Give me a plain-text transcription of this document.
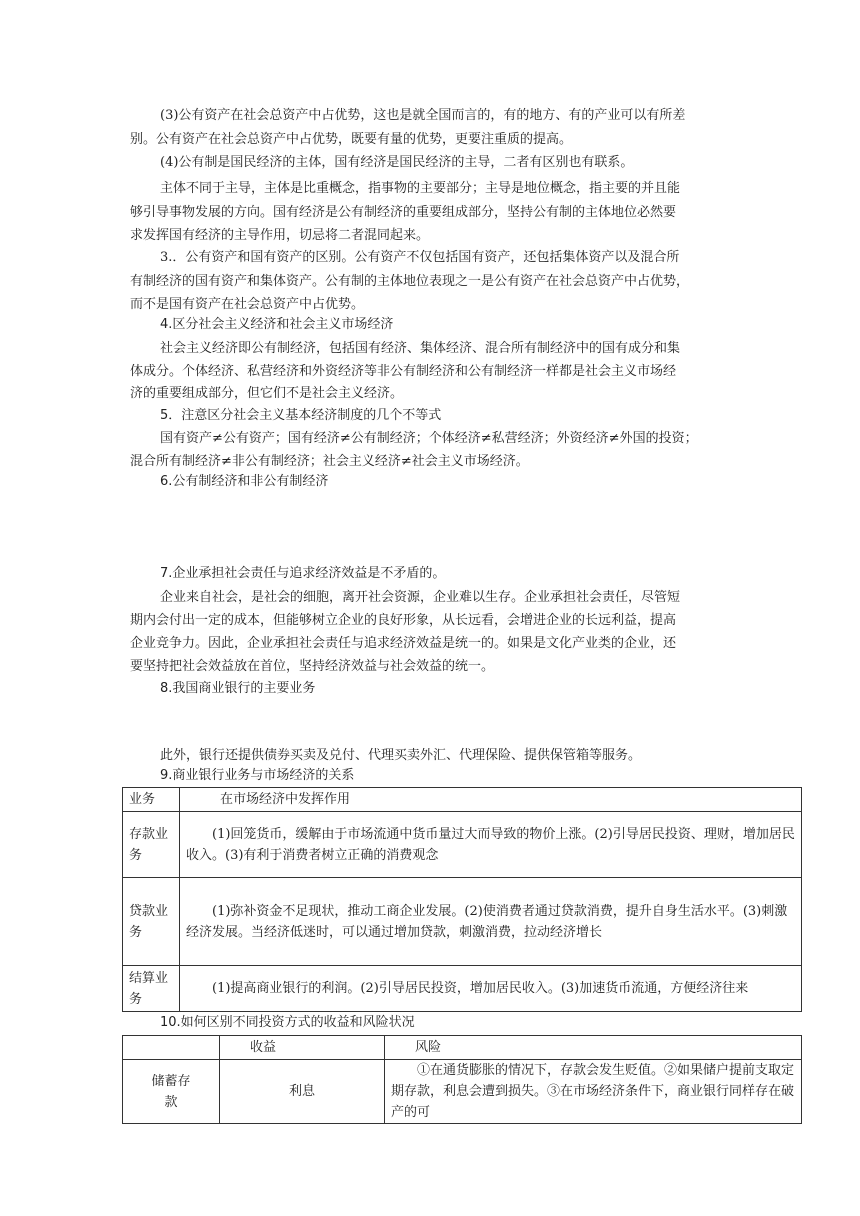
(3)公有资产在社会总资产中占优势，这也是就全国而言的，有的地方、有的产业可以有所差
别。公有资产在社会总资产中占优势，既要有量的优势，更要注重质的提高。
(4)公有制是国民经济的主体，国有经济是国民经济的主导，二者有区别也有联系。
主体不同于主导，主体是比重概念，指事物的主要部分；主导是地位概念，指主要的并且能
够引导事物发展的方向。国有经济是公有制经济的重要组成部分，坚持公有制的主体地位必然要
求发挥国有经济的主导作用，切忌将二者混同起来。
3.．公有资产和国有资产的区别。公有资产不仅包括国有资产，还包括集体资产以及混合所
有制经济的国有资产和集体资产。公有制的主体地位表现之一是公有资产在社会总资产中占优势，
而不是国有资产在社会总资产中占优势。
4.区分社会主义经济和社会主义市场经济
社会主义经济即公有制经济，包括国有经济、集体经济、混合所有制经济中的国有成分和集
体成分。个体经济、私营经济和外资经济等非公有制经济和公有制经济一样都是社会主义市场经
济的重要组成部分，但它们不是社会主义经济。
5．注意区分社会主义基本经济制度的几个不等式
国有资产≠公有资产；国有经济≠公有制经济；个体经济≠私营经济；外资经济≠外国的投资；
混合所有制经济≠非公有制经济；社会主义经济≠社会主义市场经济。
6.公有制经济和非公有制经济
7.企业承担社会责任与追求经济效益是不矛盾的。
企业来自社会，是社会的细胞，离开社会资源，企业难以生存。企业承担社会责任，尽管短
期内会付出一定的成本，但能够树立企业的良好形象，从长远看，会增进企业的长远利益，提高
企业竞争力。因此，企业承担社会责任与追求经济效益是统一的。如果是文化产业类的企业，还
要坚持把社会效益放在首位，坚持经济效益与社会效益的统一。
8.我国商业银行的主要业务
此外，银行还提供债券买卖及兑付、代理买卖外汇、代理保险、提供保管箱等服务。
9.商业银行业务与市场经济的关系
业务	在市场经济中发挥作用
存款业务	(1)回笼货币，缓解由于市场流通中货币量过大而导致的物价上涨。(2)引导居民投资、理财，增加居民收入。(3)有利于消费者树立正确的消费观念
贷款业务	(1)弥补资金不足现状，推动工商企业发展。(2)使消费者通过贷款消费，提升自身生活水平。(3)刺激经济发展。当经济低迷时，可以通过增加贷款，刺激消费，拉动经济增长
结算业务	(1)提高商业银行的利润。(2)引导居民投资，增加居民收入。(3)加速货币流通，方便经济往来
10.如何区别不同投资方式的收益和风险状况
	收益	风险
储蓄存款	利息	①在通货膨胀的情况下，存款会发生贬值。②如果储户提前支取定期存款，利息会遭到损失。③在市场经济条件下，商业银行同样存在破产的可
